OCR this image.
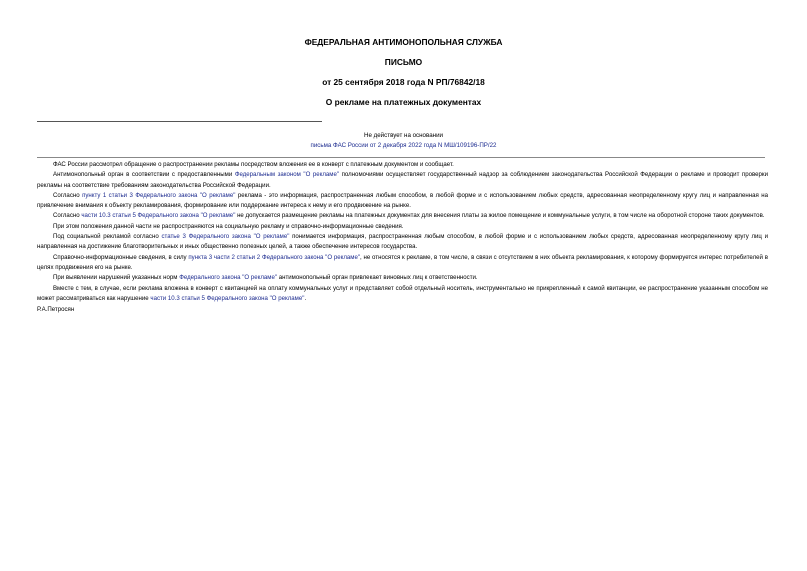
ФЕДЕРАЛЬНАЯ АНТИМОНОПОЛЬНАЯ СЛУЖБА
ПИСЬМО
от 25 сентября 2018 года N РП/76842/18
О рекламе на платежных документах
Не действует на основании
письма ФАС России от 2 декабря 2022 года N МШ/109196-ПР/22

ФАС России рассмотрел обращение о распространении рекламы посредством вложения ее в конверт с платежным документом и сообщает.

Антимонопольный орган в соответствии с предоставленными Федеральным законом "О рекламе" полномочиями осуществляет государственный надзор за соблюдением законодательства Российской Федерации о рекламе и проводит проверки рекламы на соответствие требованиям законодательства Российской Федерации.

Согласно пункту 1 статьи 3 Федерального закона "О рекламе" реклама - это информация, распространенная любым способом, в любой форме и с использованием любых средств, адресованная неопределенному кругу лиц и направленная на привлечение внимания к объекту рекламирования, формирование или поддержание интереса к нему и его продвижение на рынке.

Согласно части 10.3 статьи 5 Федерального закона "О рекламе" не допускается размещение рекламы на платежных документах для внесения платы за жилое помещение и коммунальные услуги, в том числе на оборотной стороне таких документов.

При этом положения данной части не распространяются на социальную рекламу и справочно-информационные сведения.

Под социальной рекламой согласно статье 3 Федерального закона "О рекламе" понимается информация, распространенная любым способом, в любой форме и с использованием любых средств, адресованная неопределенному кругу лиц и направленная на достижение благотворительных и иных общественно полезных целей, а также обеспечение интересов государства.

Справочно-информационные сведения, в силу пункта 3 части 2 статьи 2 Федерального закона "О рекламе", не относятся к рекламе, в том числе, в связи с отсутствием в них объекта рекламирования, к которому формируется интерес потребителей в целях продвижения его на рынке.

При выявлении нарушений указанных норм Федерального закона "О рекламе" антимонопольный орган привлекает виновных лиц к ответственности.

Вместе с тем, в случае, если реклама вложена в конверт с квитанцией на оплату коммунальных услуг и представляет собой отдельный носитель, инструментально не прикрепленный к самой квитанции, ее распространение указанным способом не может рассматриваться как нарушение части 10.3 статьи 5 Федерального закона "О рекламе".

Р.А.Петросян
